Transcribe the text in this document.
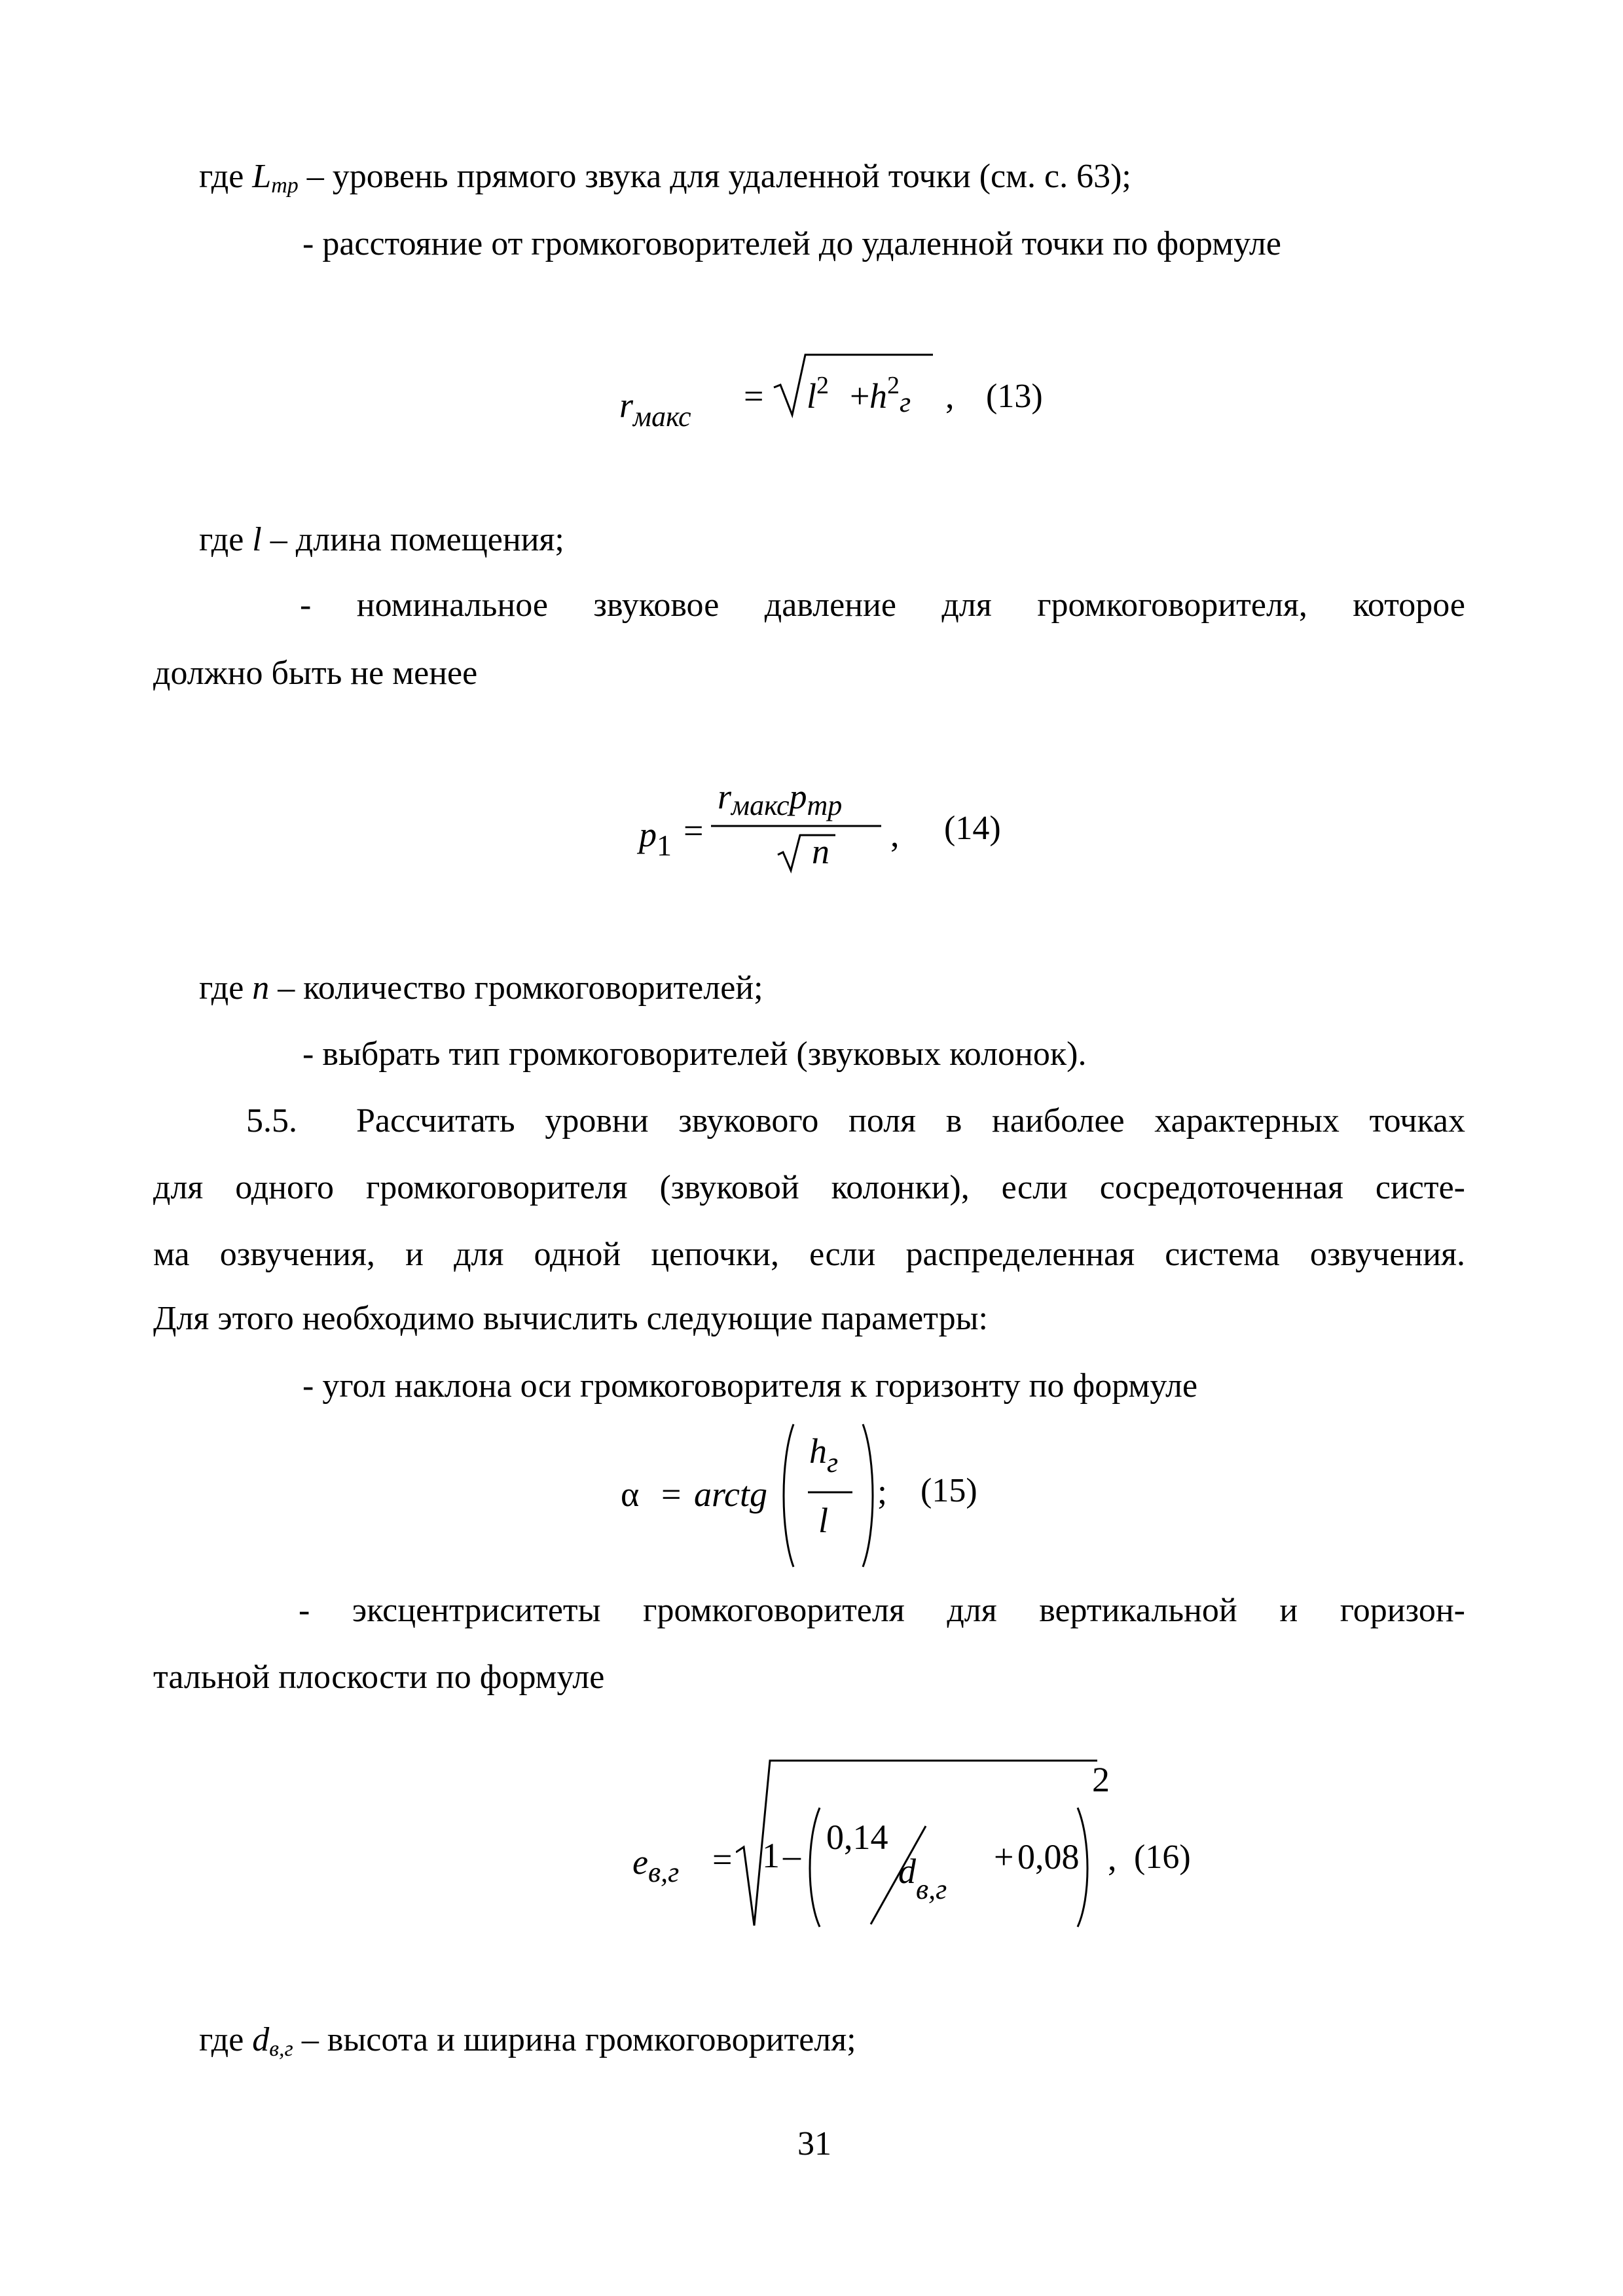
где Lmp – уровень прямого звука для удаленной точки (см. с. 63);
- расстояние от громкоговорителей до удаленной точки по формуле
$r_{макс}$
= $l^2 + h^2г$ , (13)
где l – длина помещения;
- номинальное звуковое давление для громкоговорителя, которое
должно быть не менее
p1 =
rмаксpmp
n , (14)
где n – количество громкоговорителей;
- выбрать тип громкоговорителей (звуковых колонок).
5.5. Рассчитать уровни звукового поля в наиболее характерных точках
для одного громкоговорителя (звуковой колонки), если сосредоточенная систе-
ма озвучения, и для одной цепочки, если распределенная система озвучения.
Для этого необходимо вычислить следующие параметры:
- угол наклона оси громкоговорителя к горизонту по формуле
α = arctg
$h_г$
l
; (15)
- эксцентриситеты громкоговорителя для вертикальной и горизон-
тальной плоскости по формуле
$e_{в,г} = 1 - 0,14$
$d_{в,г}$
+ 0,08
2
, (16)
где dв,г – высота и ширина громкоговорителя;
31
